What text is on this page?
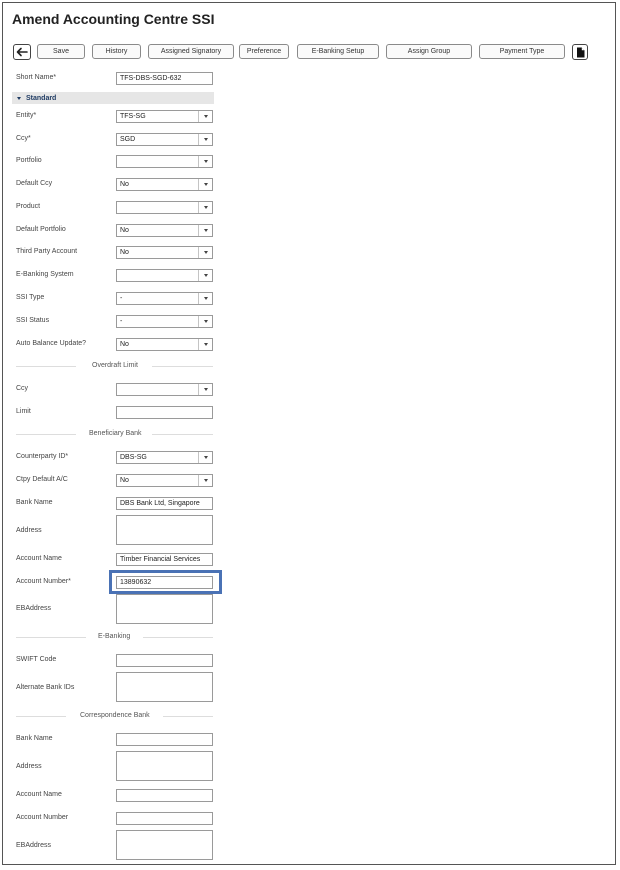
Amend Accounting Centre SSI
Save	History	Assigned Signatory	Preference	E-Banking Setup	Assign Group	Payment Type
Short Name*	TFS-DBS-SGD-632
Standard
Entity*	TFS-SG
Ccy*	SGD
Portfolio
Default Ccy	No
Product
Default Portfolio	No
Third Party Account	No
E-Banking System
SSI Type	-
SSI Status	-
Auto Balance Update?	No
Overdraft Limit
Ccy
Limit
Beneficiary Bank
Counterparty ID*	DBS-SG
Ctpy Default A/C	No
Bank Name	DBS Bank Ltd, Singapore
Address
Account Name	Timber Financial Services
Account Number*	13890632
EBAddress
E-Banking
SWIFT Code
Alternate Bank IDs
Correspondence Bank
Bank Name
Address
Account Name
Account Number
EBAddress
